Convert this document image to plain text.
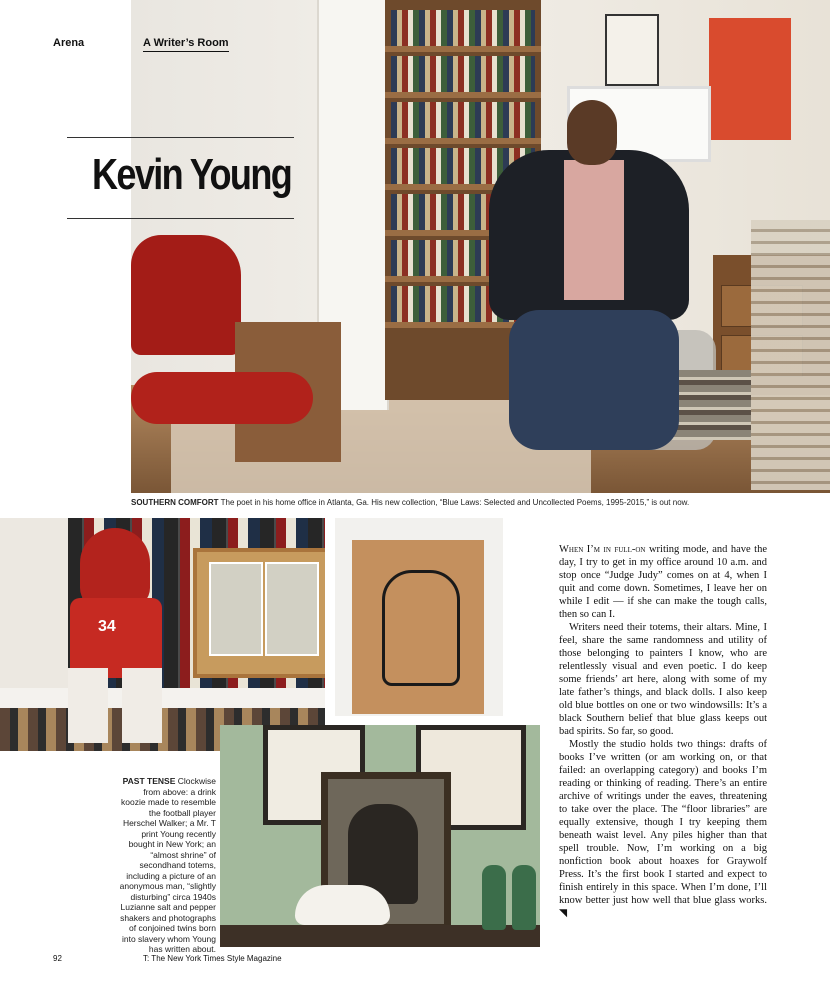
Arena	A Writer’s Room
Kevin Young
SOUTHERN COMFORT The poet in his home office in Atlanta, Ga. His new collection, “Blue Laws: Selected and Uncollected Poems, 1995-2015,” is out now.
34
PAST TENSE Clockwise from above: a drink koozie made to resemble the football player Herschel Walker; a Mr. T print Young recently bought in New York; an “almost shrine” of secondhand totems, including a picture of an anonymous man, “slightly disturbing” circa 1940s Luzianne salt and pepper shakers and photographs of conjoined twins born into slavery whom Young has written about.

When I’m in full-on writing mode, and have the day, I try to get in my office around 10 a.m. and stop once “Judge Judy” comes on at 4, when I quit and come down. Sometimes, I leave her on while I edit — if she can make the tough calls, then so can I.

Writers need their totems, their altars. Mine, I feel, share the same randomness and utility of those belonging to painters I know, who are relentlessly visual and even poetic. I do keep some friends’ art here, along with some of my late father’s things, and black dolls. I also keep old blue bottles on one or two windowsills: It’s a black Southern belief that blue glass keeps out bad spirits. So far, so good.

Mostly the studio holds two things: drafts of books I’ve written (or am working on, or that failed: an overlapping category) and books I’m reading or thinking of reading. There’s an entire archive of writings under the eaves, threatening to take over the place. The “floor libraries” are equally extensive, though I try keeping them beneath waist level. Any piles higher than that spell trouble. Now, I’m working on a big nonfiction book about hoaxes for Graywolf Press. It’s the first book I started and expect to finish entirely in this space. When I’m done, I’ll know better just how well that blue glass works. ◥

92	T: The New York Times Style Magazine
